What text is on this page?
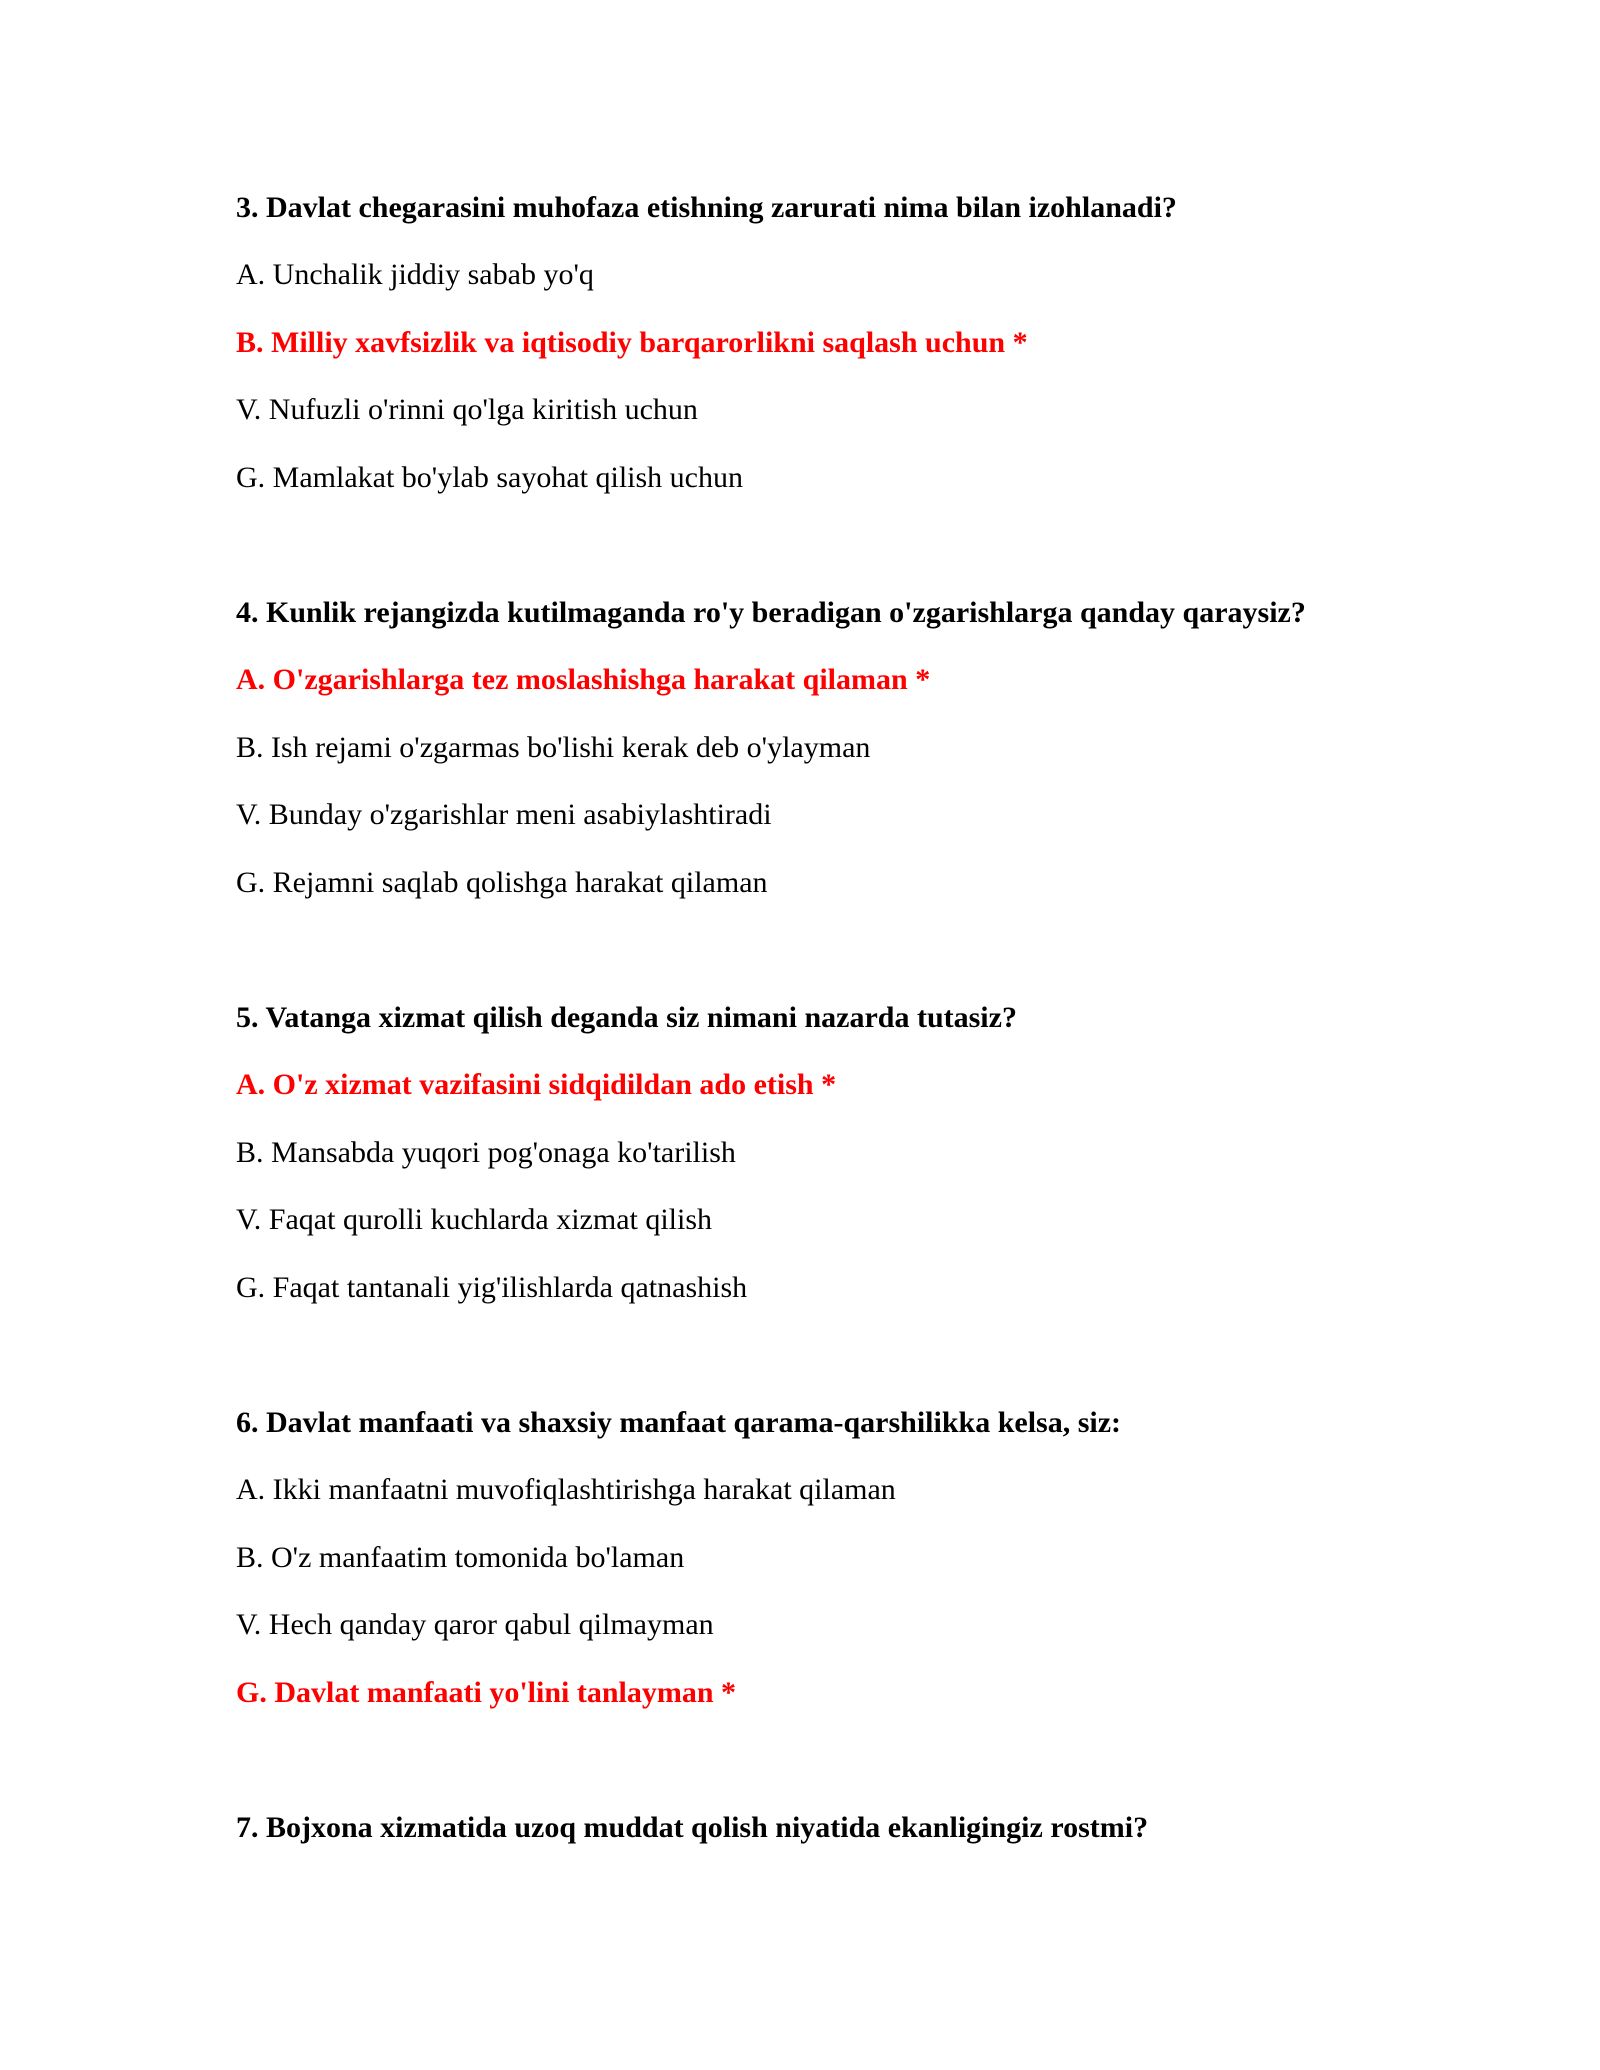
3. Davlat chegarasini muhofaza etishning zarurati nima bilan izohlanadi?
A. Unchalik jiddiy sabab yo'q
B. Milliy xavfsizlik va iqtisodiy barqarorlikni saqlash uchun *
V. Nufuzli o'rinni qo'lga kiritish uchun
G. Mamlakat bo'ylab sayohat qilish uchun
4. Kunlik rejangizda kutilmaganda ro'y beradigan o'zgarishlarga qanday qaraysiz?
A. O'zgarishlarga tez moslashishga harakat qilaman *
B. Ish rejami o'zgarmas bo'lishi kerak deb o'ylayman
V. Bunday o'zgarishlar meni asabiylashtiradi
G. Rejamni saqlab qolishga harakat qilaman
5. Vatanga xizmat qilish deganda siz nimani nazarda tutasiz?
A. O'z xizmat vazifasini sidqidildan ado etish *
B. Mansabda yuqori pog'onaga ko'tarilish
V. Faqat qurolli kuchlarda xizmat qilish
G. Faqat tantanali yig'ilishlarda qatnashish
6. Davlat manfaati va shaxsiy manfaat qarama-qarshilikka kelsa, siz:
A. Ikki manfaatni muvofiqlashtirishga harakat qilaman
B. O'z manfaatim tomonida bo'laman
V. Hech qanday qaror qabul qilmayman
G. Davlat manfaati yo'lini tanlayman *
7. Bojxona xizmatida uzoq muddat qolish niyatida ekanligingiz rostmi?
